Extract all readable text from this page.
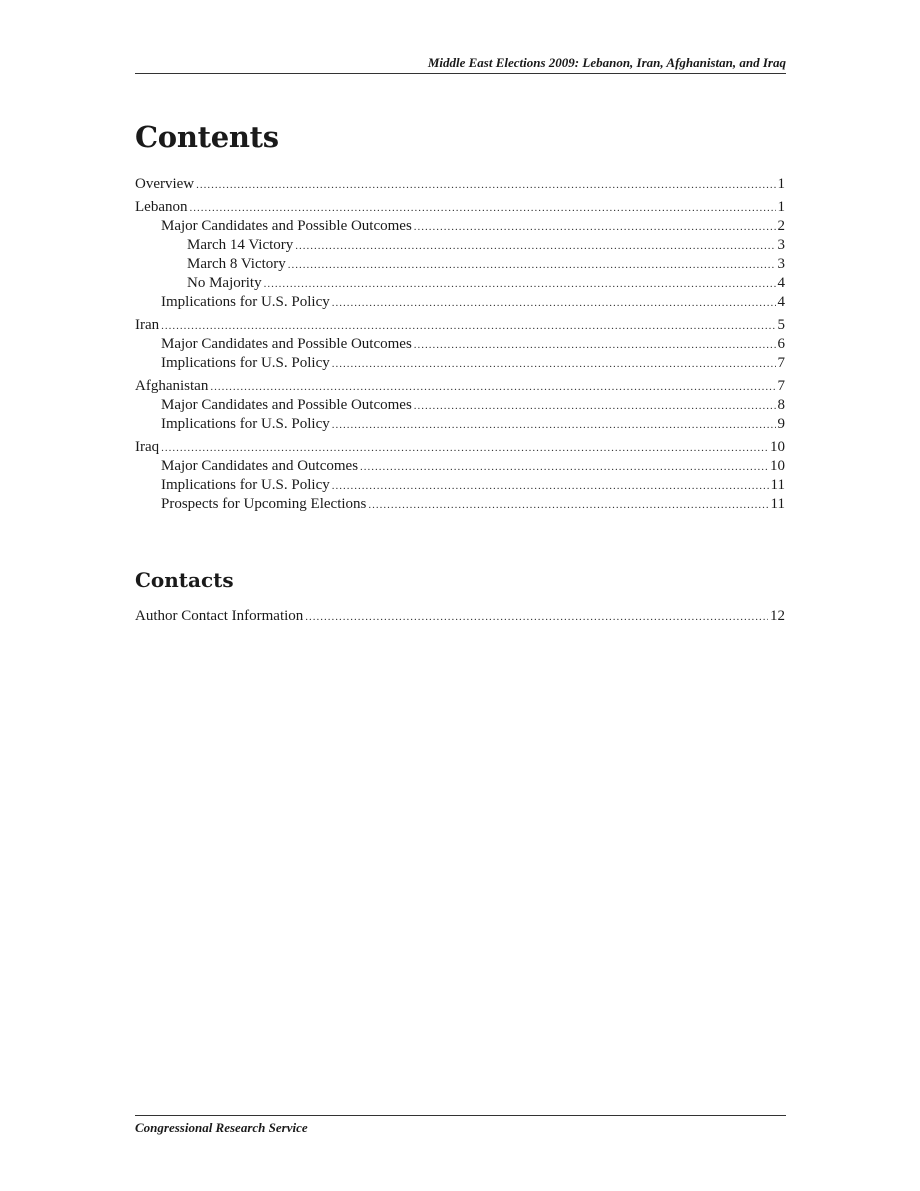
Middle East Elections 2009: Lebanon, Iran, Afghanistan, and Iraq
Contents
Overview .....	1
Lebanon .....	1
Major Candidates and Possible Outcomes .....	2
March 14 Victory .....	3
March 8 Victory .....	3
No Majority .....	4
Implications for U.S. Policy .....	4
Iran .....	5
Major Candidates and Possible Outcomes .....	6
Implications for U.S. Policy .....	7
Afghanistan .....	7
Major Candidates and Possible Outcomes .....	8
Implications for U.S. Policy .....	9
Iraq .....	10
Major Candidates and Outcomes .....	10
Implications for U.S. Policy .....	11
Prospects for Upcoming Elections .....	11
Contacts
Author Contact Information .....	12
Congressional Research Service
